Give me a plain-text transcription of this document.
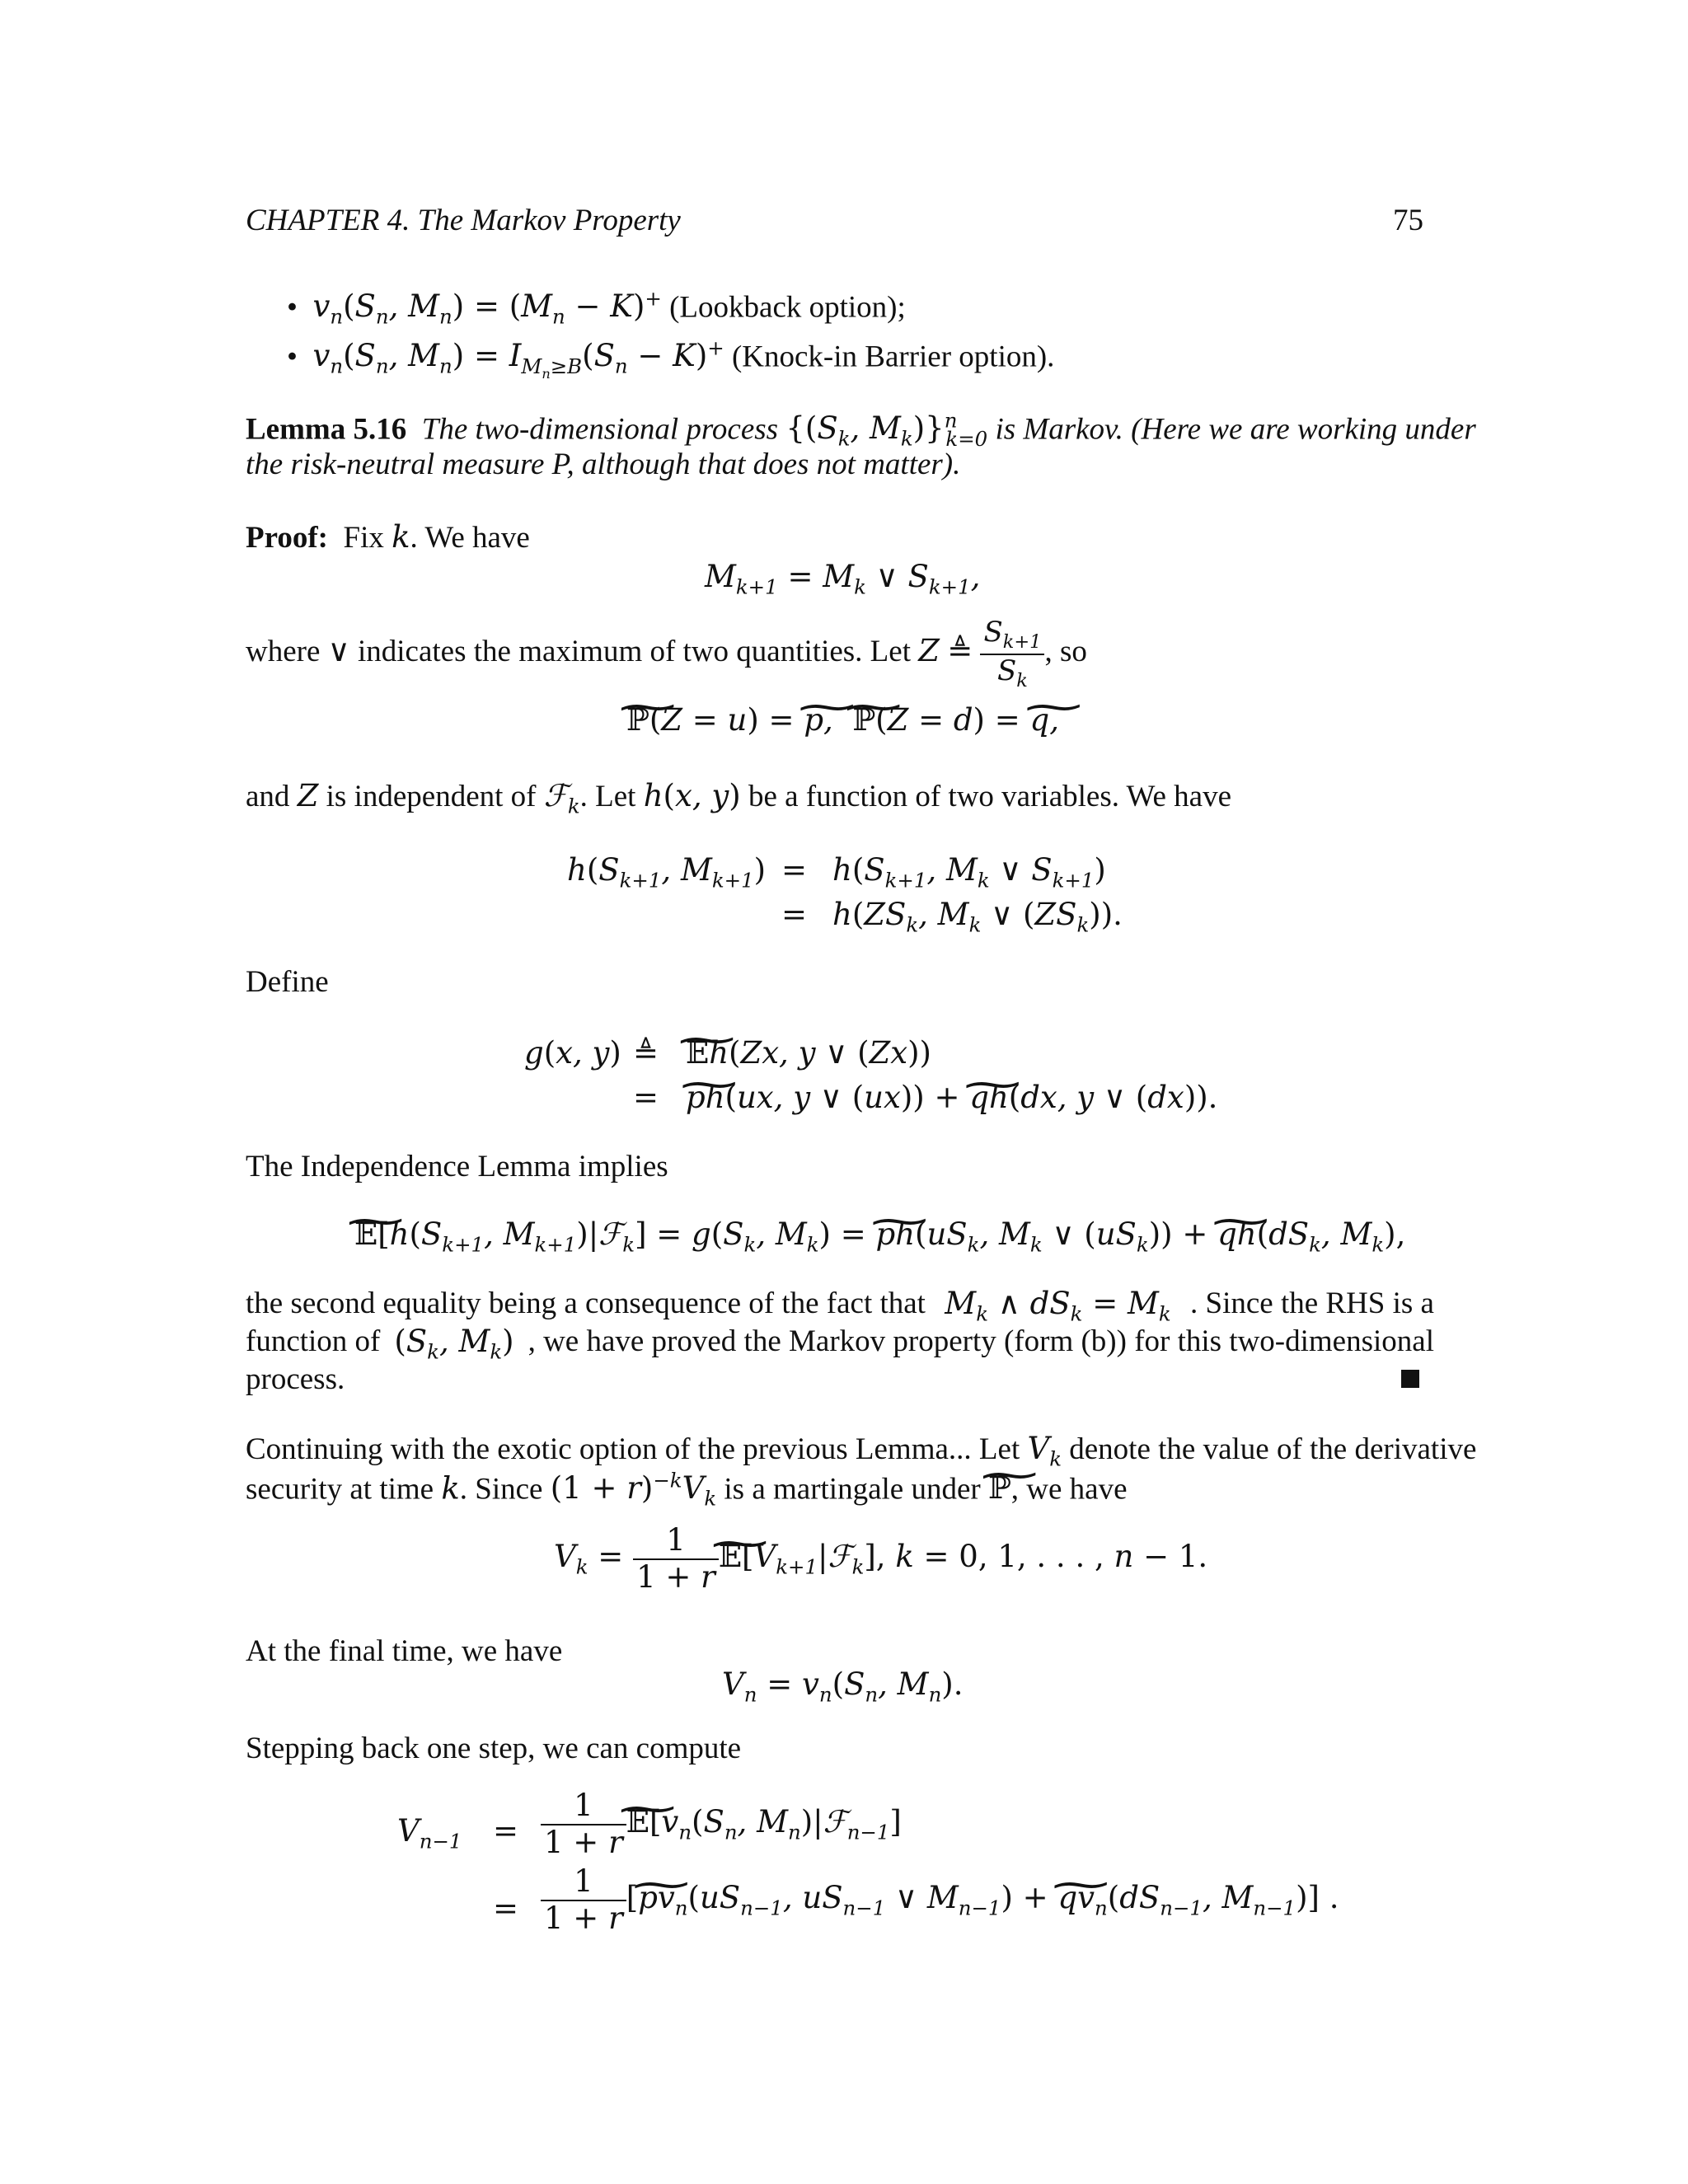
CHAPTER 4. The Markov Property	75
• $v_n(S_n$, $M_n) = (M_n - K)^+$ (Lookback option);
• $v_n(S_n$, $M_n) = I_{M_n\ge B}(S_n - K)^+$ (Knock-in Barrier option).
Lemma 5.16 The two-dimensional process {($S_k$, $M_k)\}^n_{k=0}$ is Markov. (Here we are working under
the risk-neutral measure P, although that does not matter).
Proof: Fix k. We have
$M_{k+1} = M_k$ ∨ $S_{k+1}$,
where ∨ indicates the maximum of two quantities. Let Z ≜ $\frac{S_{k+1}}{S_k}$ , so
~ ℙ(Z = u) = ~ p,  ~ ℙ(Z = d) = ~ q,
and Z is independent of ℱ$_k$. Let h(x, y) be a function of two variables. We have
$h(S_{k+1}$, $M_{k+1}) = h(S_{k+1}$, $M_k$ ∨ $S_{k+1}$)
= $h(ZS_k$, $M_k$ ∨ $(ZS_k)$).
Define
g(x, y) ≜ ~ 𝔼h(Zx, y ∨ (Zx))
= ~ ph(ux, y ∨ (ux)) + ~ qh(dx, y ∨ (dx)).
The Independence Lemma implies
~ $𝔼[h(S_{k+1}$, $M_{k+1})|ℱ_k] = g(S_k$, $M_k$) = ~ $ph(uS_k$, $M_k$ ∨ $(uS_k)$) + ~ $qh(dS_k$, $M_k$),
the second equality being a consequence of the fact that $M_k$ ∧ $dS_k = M_k$ . Since the RHS is a
function of ($S_k$, $M_k$) , we have proved the Markov property (form (b)) for this two-dimensional
process.
Continuing with the exotic option of the previous Lemma... Let $V_k$ denote the value of the derivative
security at time k. Since $(1 + r)^{-k}V_k$ is a martingale under ~ ℙ, we have
$V_k = \frac{1}{1 + r}$ ~ $𝔼[V_{k+1}|ℱ_k]$, k = 0, 1, . . . , n − 1.
At the final time, we have
$V_n = v_n(S_n$, $M_n$).
Stepping back one step, we can compute
$V_{n-1} = \frac{1}{1 + r}$ ~ $𝔼[v_n(S_n$, $M_n)|ℱ_{n-1}$]
= $\frac{1}{1 + r}$ [~ $pv_n(uS_{n-1}$, $uS_{n-1}$ ∨ $M_{n-1}$) + ~ $qv_n(dS_{n-1}$, $M_{n-1}$)] .
